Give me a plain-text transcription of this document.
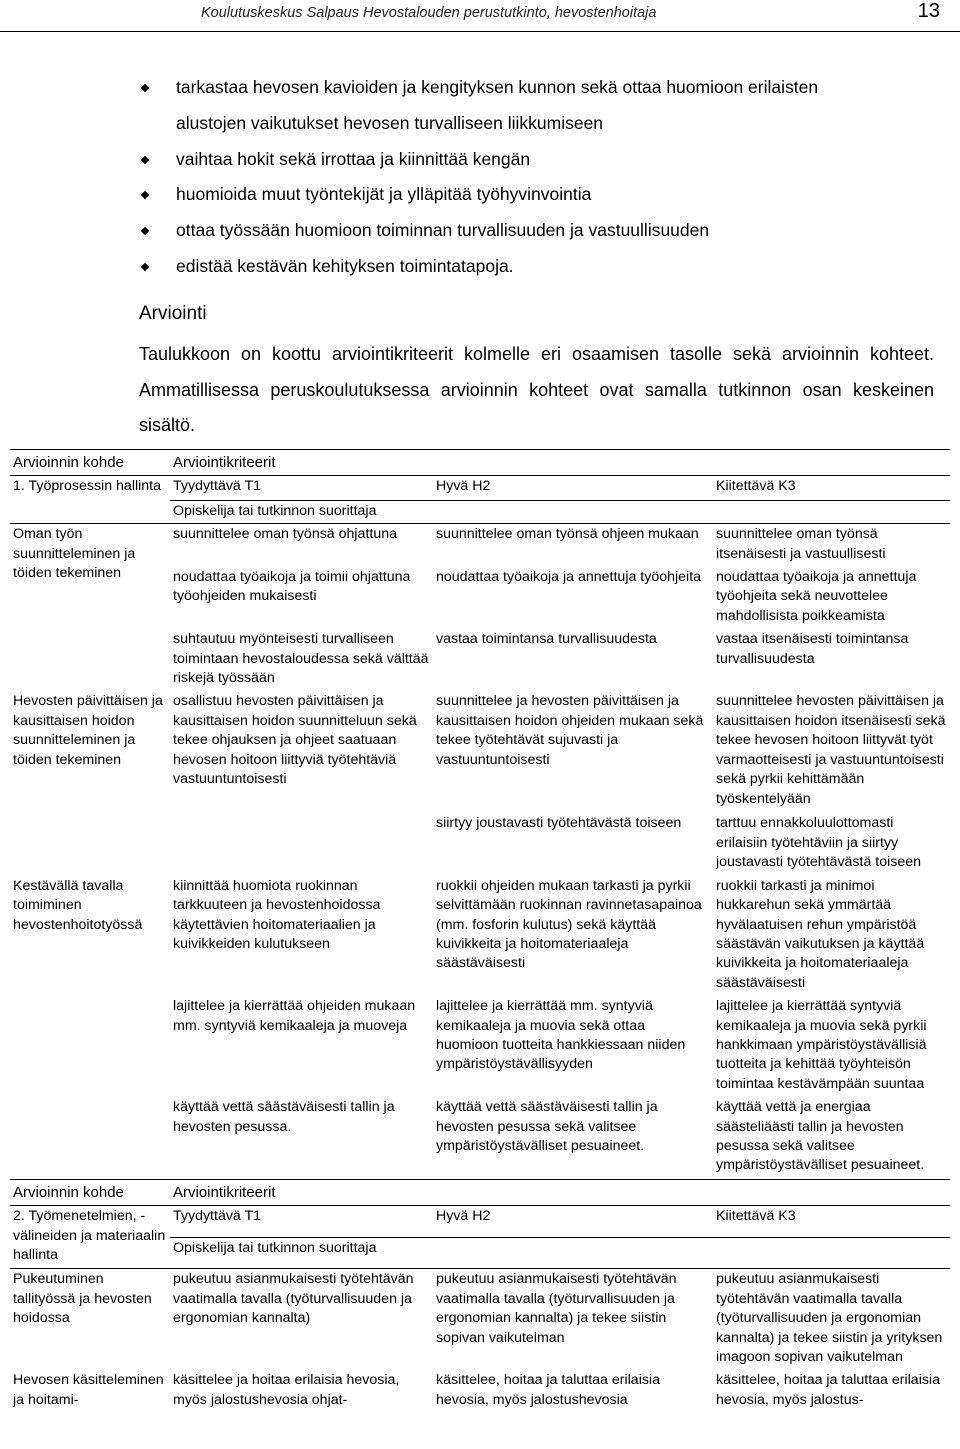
Koulutuskeskus Salpaus Hevostalouden perustutkinto, hevostenhoitaja	13
tarkastaa hevosen kavioiden ja kengityksen kunnon sekä ottaa huomioon erilaisten
alustojen vaikutukset hevosen turvalliseen liikkumiseen
vaihtaa hokit sekä irrottaa ja kiinnittää kengän
huomioida muut työntekijät ja ylläpitää työhyvinvointia
ottaa työssään huomioon toiminnan turvallisuuden ja vastuullisuuden
edistää kestävän kehityksen toimintatapoja.
Arviointi

Taulukkoon on koottu arviointikriteerit kolmelle eri osaamisen tasolle sekä arvioinnin kohteet. Ammatillisessa peruskoulutuksessa arvioinnin kohteet ovat samalla tutkinnon osan keskeinen sisältö.

Arvioinnin kohde	Arviointikriteerit		
1. Työprosessin hallinta	Tyydyttävä T1	Hyvä H2	Kiitettävä K3
	Opiskelija tai tutkinnon suorittaja		
Oman työn suunnitteleminen ja töiden tekeminen	suunnittelee oman työnsä ohjattuna	suunnittelee oman työnsä ohjeen mukaan	suunnittelee oman työnsä itsenäisesti ja vastuullisesti
	noudattaa työaikoja ja toimii ohjattuna työohjeiden mukaisesti	noudattaa työaikoja ja annettuja työohjeita	noudattaa työaikoja ja annettuja työohjeita sekä neuvottelee mahdollisista poikkeamista
	suhtautuu myönteisesti turvalliseen toimintaan hevostaloudessa sekä välttää riskejä työssään	vastaa toimintansa turvallisuudesta	vastaa itsenäisesti toimintansa turvallisuudesta
Hevosten päivittäisen ja kausittaisen hoidon suunnitteleminen ja töiden tekeminen	osallistuu hevosten päivittäisen ja kausittaisen hoidon suunnitteluun sekä tekee ohjauksen ja ohjeet saatuaan hevosen hoitoon liittyviä työtehtäviä vastuuntuntoisesti	suunnittelee ja hevosten päivittäisen ja kausittaisen hoidon ohjeiden mukaan sekä tekee työtehtävät sujuvasti ja vastuuntuntoisesti	suunnittelee hevosten päivittäisen ja kausittaisen hoidon itsenäisesti sekä tekee hevosen hoitoon liittyvät työt varmaotteisesti ja vastuuntuntoisesti sekä pyrkii kehittämään työskentelyään
		siirtyy joustavasti työtehtävästä toiseen	tarttuu ennakkoluulottomasti erilaisiin työtehtäviin ja siirtyy joustavasti työtehtävästä toiseen
Kestävällä tavalla toimiminen hevostenhoitotyössä	kiinnittää huomiota ruokinnan tarkkuuteen ja hevostenhoidossa käytettävien hoitomateriaalien ja kuivikkeiden kulutukseen	ruokkii ohjeiden mukaan tarkasti ja pyrkii selvittämään ruokinnan ravinnetasapainoa (mm. fosforin kulutus) sekä käyttää kuivikkeita ja hoitomateriaaleja säästäväisesti	ruokkii tarkasti ja minimoi hukkarehun sekä ymmärtää hyvälaatuisen rehun ympäristöä säästävän vaikutuksen ja käyttää kuivikkeita ja hoitomateriaaleja säästäväisesti
	lajittelee ja kierrättää ohjeiden mukaan mm. syntyviä kemikaaleja ja muoveja	lajittelee ja kierrättää mm. syntyviä kemikaaleja ja muovia sekä ottaa huomioon tuotteita hankkiessaan niiden ympäristöystävällisyyden	lajittelee ja kierrättää syntyviä kemikaaleja ja muovia sekä pyrkii hankkimaan ympäristöystävällisiä tuotteita ja kehittää työyhteisön toimintaa kestävämpään suuntaa
	käyttää vettä säästäväisesti tallin ja hevosten pesussa.	käyttää vettä säästäväisesti tallin ja hevosten pesussa sekä valitsee ympäristöystävälliset pesuaineet.	käyttää vettä ja energiaa säästeliäästi tallin ja hevosten pesussa sekä valitsee ympäristöystävälliset pesuaineet.
Arvioinnin kohde	Arviointikriteerit		
2. Työmenetelmien, -välineiden ja materiaalin hallinta	Tyydyttävä T1	Hyvä H2	Kiitettävä K3
	Opiskelija tai tutkinnon suorittaja		
Pukeutuminen tallityössä ja hevosten hoidossa	pukeutuu asianmukaisesti työtehtävän vaatimalla tavalla (työturvallisuuden ja ergonomian kannalta)	pukeutuu asianmukaisesti työtehtävän vaatimalla tavalla (työturvallisuuden ja ergonomian kannalta) ja tekee siistin sopivan vaikutelman	pukeutuu asianmukaisesti työtehtävän vaatimalla tavalla (työturvallisuuden ja ergonomian kannalta) ja tekee siistin ja yrityksen imagoon sopivan vaikutelman
Hevosen käsitteleminen ja hoitami-	käsittelee ja hoitaa erilaisia hevosia, myös jalostushevosia ohjat-	käsittelee, hoitaa ja taluttaa erilaisia hevosia, myös jalostushevosia	käsittelee, hoitaa ja taluttaa erilaisia hevosia, myös jalostus-
